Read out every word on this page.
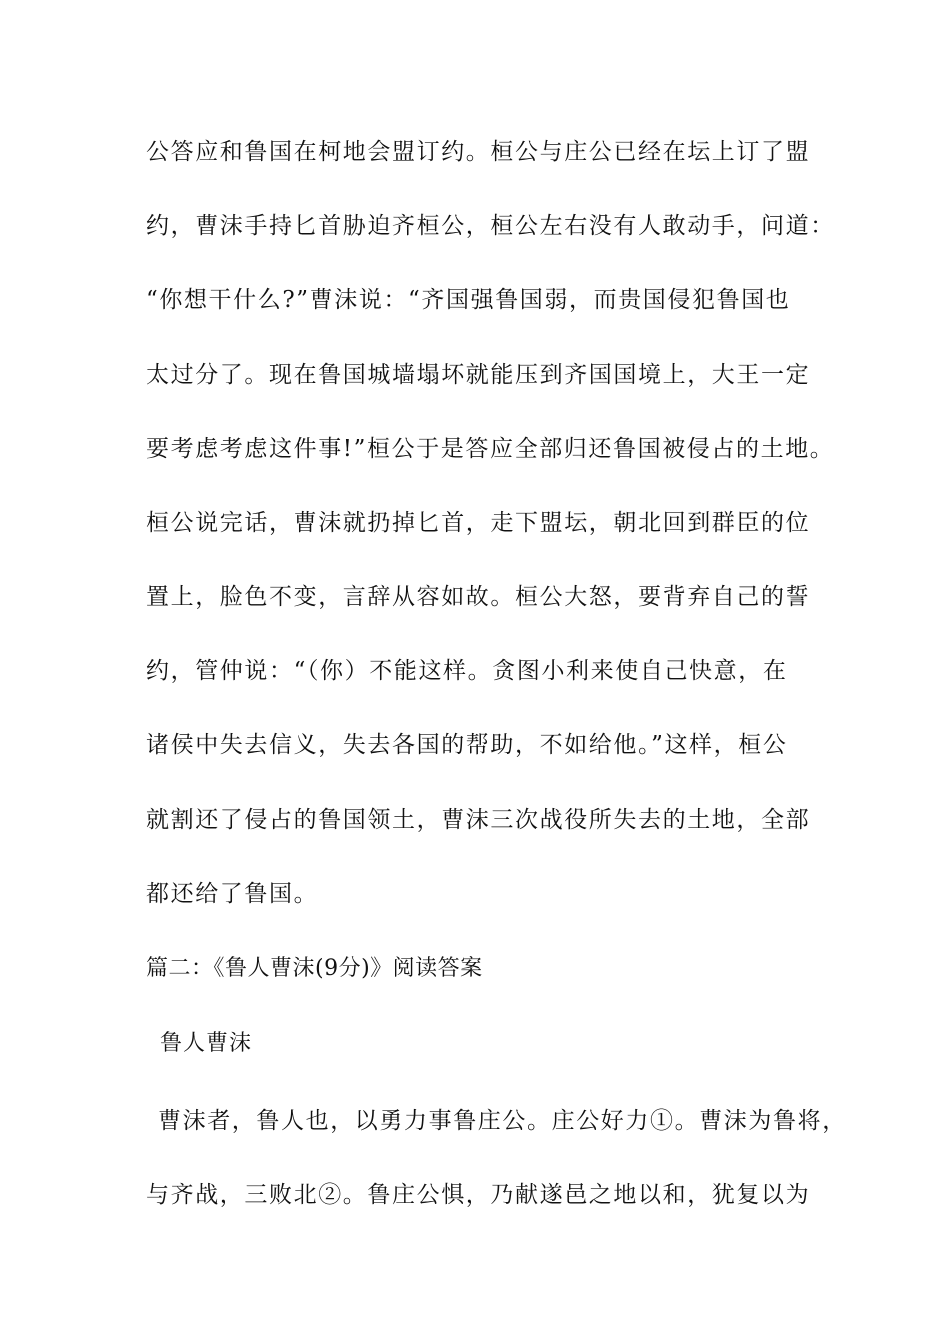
公答应和鲁国在柯地会盟订约。桓公与庄公已经在坛上订了盟
约，曹沫手持匕首胁迫齐桓公，桓公左右没有人敢动手，问道：
“你想干什么?”曹沫说：“齐国强鲁国弱，而贵国侵犯鲁国也
太过分了。现在鲁国城墙塌坏就能压到齐国国境上，大王一定
要考虑考虑这件事!”桓公于是答应全部归还鲁国被侵占的土地。
桓公说完话，曹沫就扔掉匕首，走下盟坛，朝北回到群臣的位
置上，脸色不变，言辞从容如故。桓公大怒，要背弃自己的誓
约，管仲说：“（你）不能这样。贪图小利来使自己快意，在
诸侯中失去信义，失去各国的帮助，不如给他。”这样，桓公
就割还了侵占的鲁国领土，曹沫三次战役所失去的土地，全部
都还给了鲁国。
篇二：《鲁人曹沫(9分)》阅读答案
鲁人曹沫
曹沫者，鲁人也，以勇力事鲁庄公。庄公好力①。曹沫为鲁将，
与齐战，三败北②。鲁庄公惧，乃献遂邑之地以和，犹复以为
